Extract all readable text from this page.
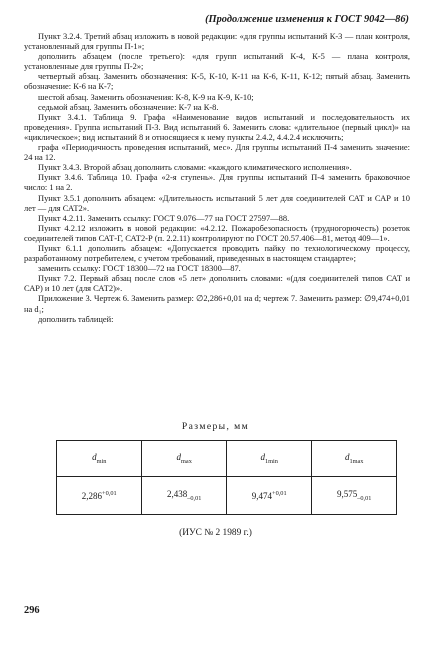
(Продолжение изменения к ГОСТ 9042—86)

Пункт 3.2.4. Третий абзац изложить в новой редакции: «для группы испытаний К-3 — план контроля, установленный для группы П-1»;

дополнить абзацем (после третьего): «для групп испытаний К-4, К-5 — плана контроля, установленные для группы П-2»;

четвертый абзац. Заменить обозначения: К-5, К-10, К-11 на К-6, К-11, К-12; пятый абзац. Заменить обозначение: К-6 на К-7;

шестой абзац. Заменить обозначения: К-8, К-9 на К-9, К-10;

седьмой абзац. Заменить обозначение: К-7 на К-8.

Пункт 3.4.1. Таблица 9. Графа «Наименование видов испытаний и последовательность их проведения». Группа испытаний П-3. Вид испытаний 6. Заменить слова: «длительное (первый цикл)» на «циклическое»; вид испытаний 8 и относящиеся к нему пункты 2.4.2, 4.4.2.4 исключить;

графа «Периодичность проведения испытаний, мес». Для группы испытаний П-4 заменить значение: 24 на 12.

Пункт 3.4.3. Второй абзац дополнить словами: «каждого климатического исполнения».

Пункт 3.4.6. Таблица 10. Графа «2-я ступень». Для группы испытаний П-4 заменить браковочное число: 1 на 2.

Пункт 3.5.1 дополнить абзацем: «Длительность испытаний 5 лет для соединителей САТ и САР и 10 лет — для САТ2».

Пункт 4.2.11. Заменить ссылку: ГОСТ 9.076—77 на ГОСТ 27597—88.

Пункт 4.2.12 изложить в новой редакции: «4.2.12. Пожаробезопасность (трудногорючесть) розеток соединителей типов САТ-Г, САТ2-Р (п. 2.2.11) контролируют по ГОСТ 20.57.406—81, метод 409—1».

Пункт 6.1.1 дополнить абзацем: «Допускается проводить пайку по технологическому процессу, разработанному потребителем, с учетом требований, приведенных в настоящем стандарте»;

заменить ссылку: ГОСТ 18300—72 на ГОСТ 18300—87.

Пункт 7.2. Первый абзац после слов «5 лет» дополнить словами: «(для соединителей типов САТ и САР) и 10 лет (для САТ2)».

Приложение 3. Чертеж 6. Заменить размер: ∅2,286+0,01 на d; чертеж 7. Заменить размер: ∅9,474+0,01 на d₁;

дополнить таблицей:

Размеры, мм
$d_{min}$	$d_{max}$	$d_{1min}$	$d_{1max}$
$2,286^{+0,01}$	$2,438_{-0,01}$	$9,474^{+0,01}$	$9,575_{-0,01}$
(ИУС № 2 1989 г.)
296
